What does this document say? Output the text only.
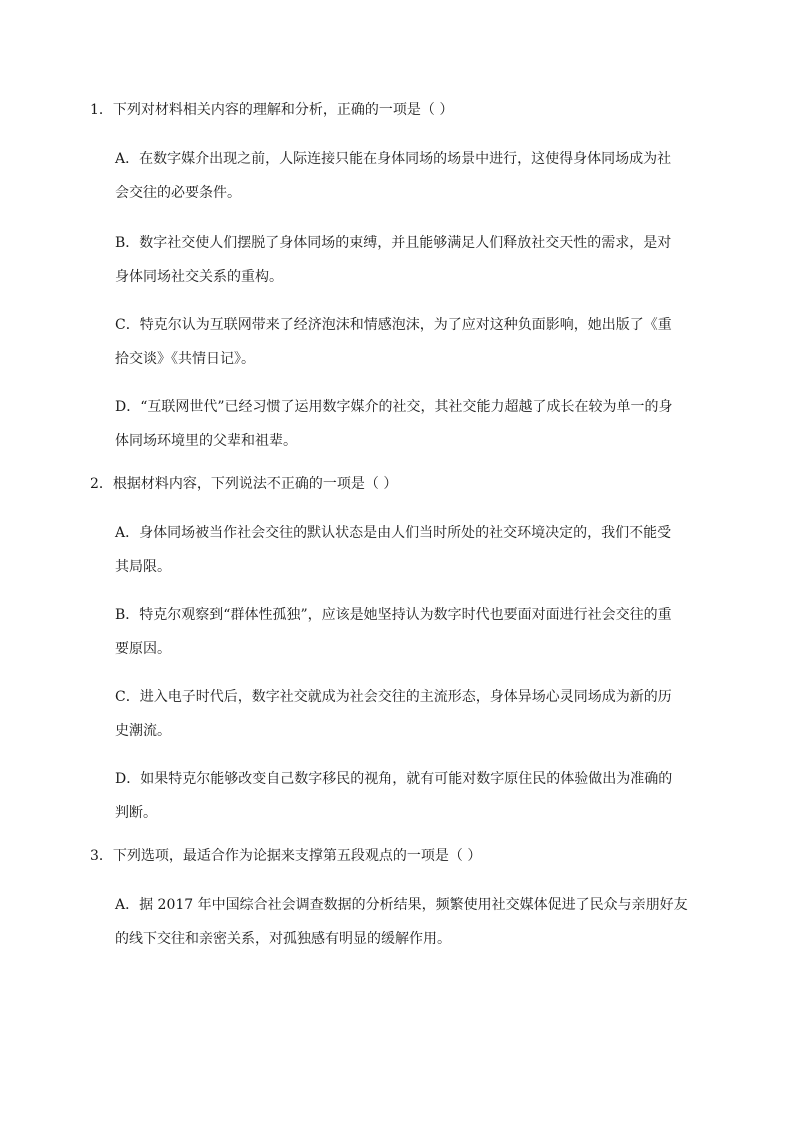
1．下列对材料相关内容的理解和分析，正确的一项是（ ）
A．在数字媒介出现之前，人际连接只能在身体同场的场景中进行，这使得身体同场成为社
会交往的必要条件。
B．数字社交使人们摆脱了身体同场的束缚，并且能够满足人们释放社交天性的需求，是对
身体同场社交关系的重构。
C．特克尔认为互联网带来了经济泡沫和情感泡沫，为了应对这种负面影响，她出版了《重
拾交谈》《共情日记》。
D．“互联网世代”已经习惯了运用数字媒介的社交，其社交能力超越了成长在较为单一的身
体同场环境里的父辈和祖辈。
2．根据材料内容，下列说法不正确的一项是（ ）
A．身体同场被当作社会交往的默认状态是由人们当时所处的社交环境决定的，我们不能受
其局限。
B．特克尔观察到“群体性孤独”，应该是她坚持认为数字时代也要面对面进行社会交往的重
要原因。
C．进入电子时代后，数字社交就成为社会交往的主流形态，身体异场心灵同场成为新的历
史潮流。
D．如果特克尔能够改变自己数字移民的视角，就有可能对数字原住民的体验做出为准确的
判断。
3．下列选项，最适合作为论据来支撑第五段观点的一项是（ ）
A．据 2017 年中国综合社会调查数据的分析结果，频繁使用社交媒体促进了民众与亲朋好友
的线下交往和亲密关系，对孤独感有明显的缓解作用。
